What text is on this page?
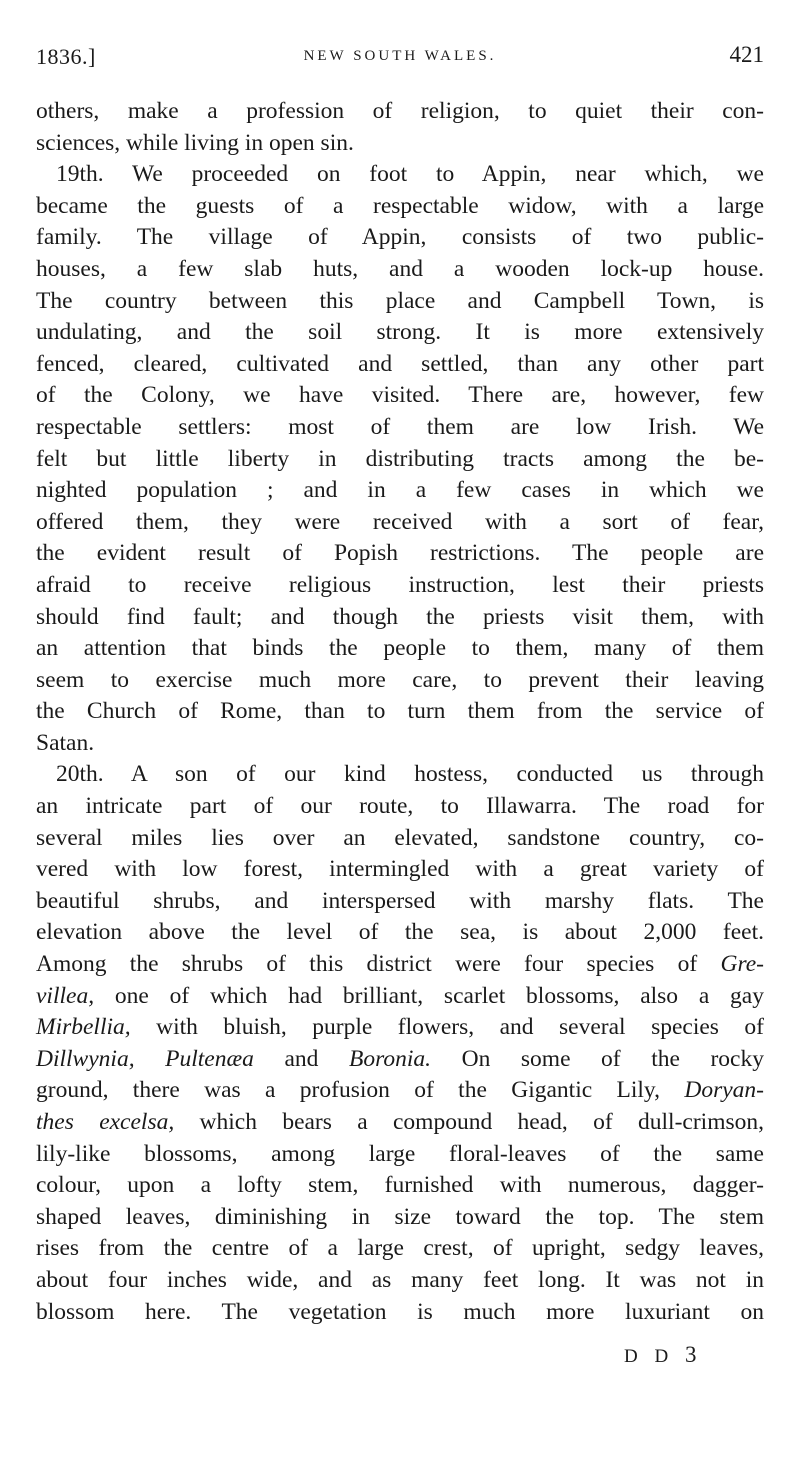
1836.]	NEW SOUTH WALES.	421
others, make a profession of religion, to quiet their con-
sciences, while living in open sin.
19th. We proceeded on foot to Appin, near which, we
became the guests of a respectable widow, with a large
family. The village of Appin, consists of two public-
houses, a few slab huts, and a wooden lock-up house.
The country between this place and Campbell Town, is
undulating, and the soil strong. It is more extensively
fenced, cleared, cultivated and settled, than any other part
of the Colony, we have visited. There are, however, few
respectable settlers: most of them are low Irish. We
felt but little liberty in distributing tracts among the be-
nighted population ; and in a few cases in which we
offered them, they were received with a sort of fear,
the evident result of Popish restrictions. The people are
afraid to receive religious instruction, lest their priests
should find fault; and though the priests visit them, with
an attention that binds the people to them, many of them
seem to exercise much more care, to prevent their leaving
the Church of Rome, than to turn them from the service of
Satan.
20th. A son of our kind hostess, conducted us through
an intricate part of our route, to Illawarra. The road for
several miles lies over an elevated, sandstone country, co-
vered with low forest, intermingled with a great variety of
beautiful shrubs, and interspersed with marshy flats. The
elevation above the level of the sea, is about 2,000 feet.
Among the shrubs of this district were four species of Gre-
villea, one of which had brilliant, scarlet blossoms, also a gay
Mirbellia, with bluish, purple flowers, and several species of
Dillwynia, Pultenæa and Boronia. On some of the rocky
ground, there was a profusion of the Gigantic Lily, Doryan-
thes excelsa, which bears a compound head, of dull-crimson,
lily-like blossoms, among large floral-leaves of the same
colour, upon a lofty stem, furnished with numerous, dagger-
shaped leaves, diminishing in size toward the top. The stem
rises from the centre of a large crest, of upright, sedgy leaves,
about four inches wide, and as many feet long. It was not in
blossom here. The vegetation is much more luxuriant on
D D 3
